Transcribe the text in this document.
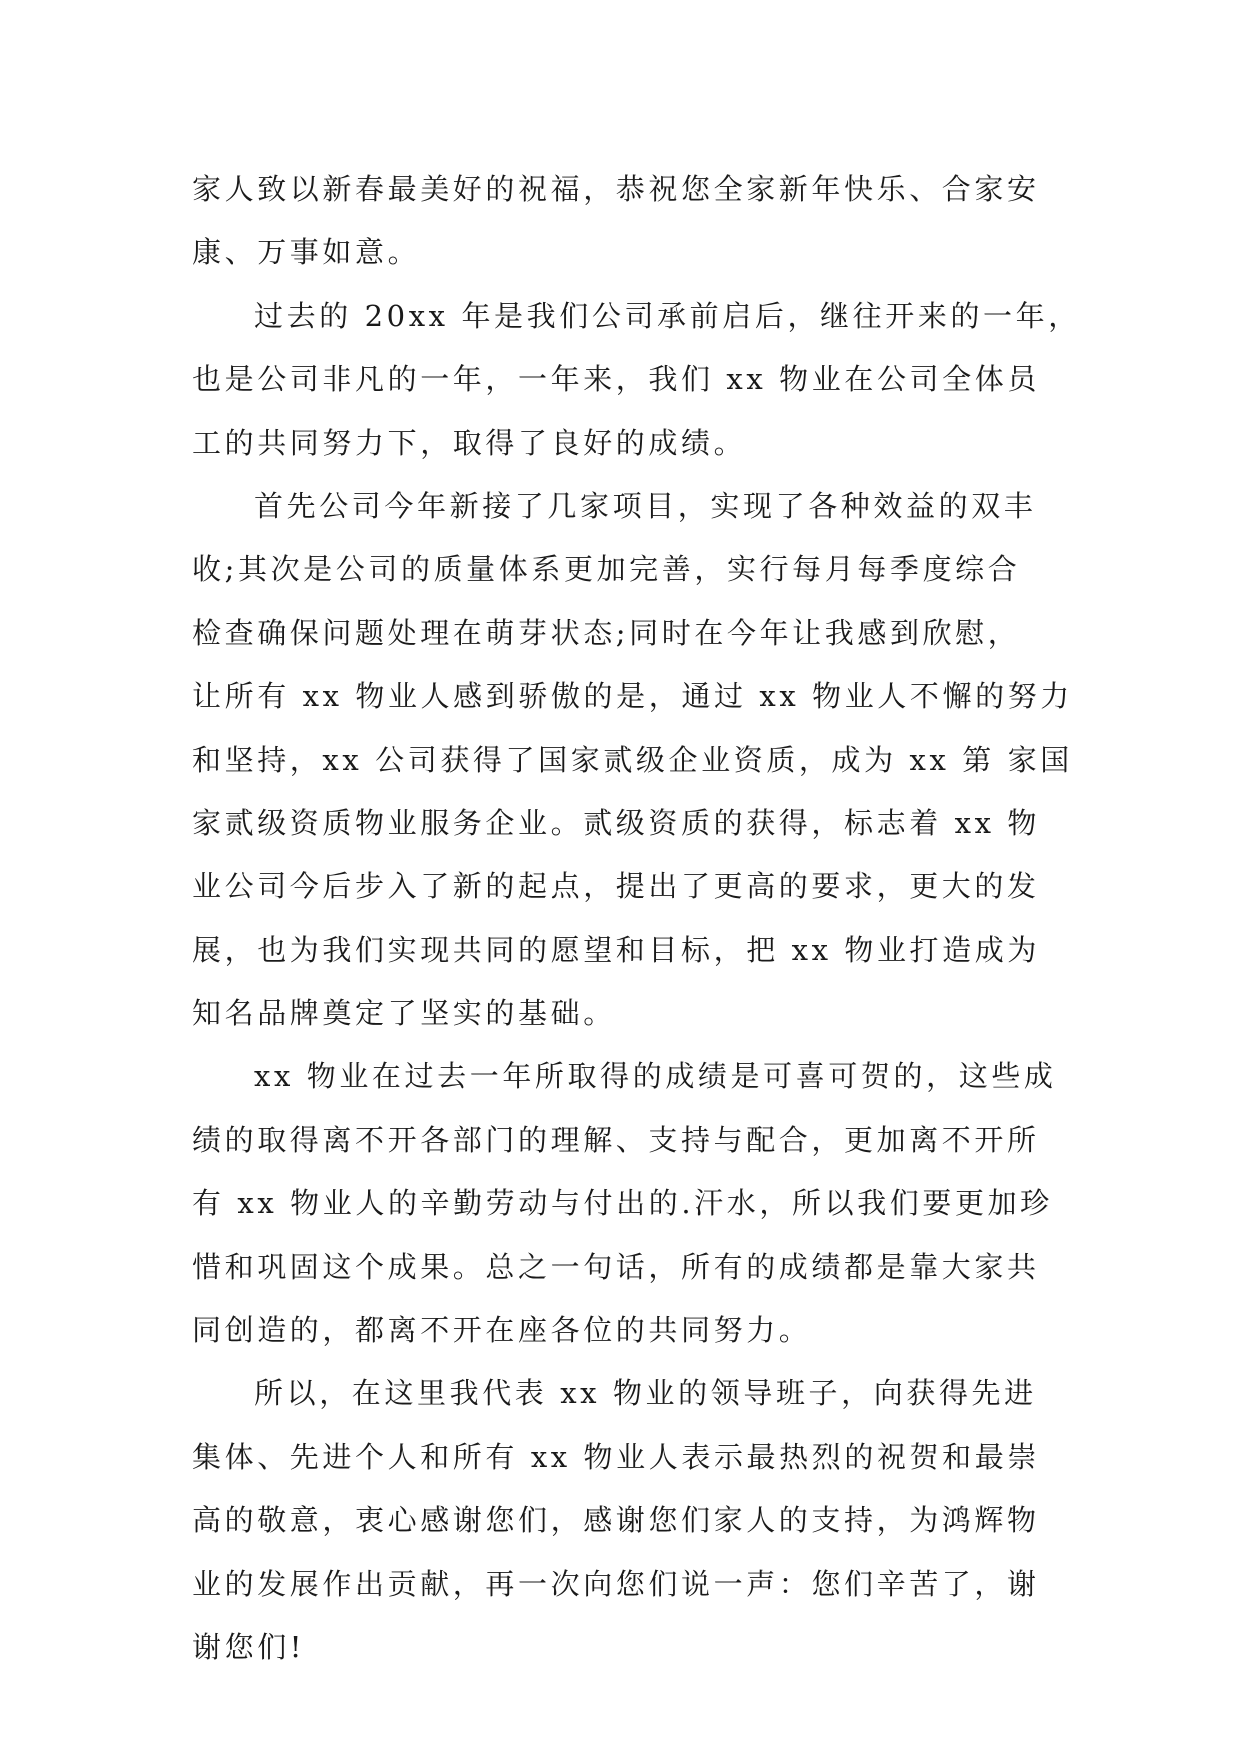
家人致以新春最美好的祝福，恭祝您全家新年快乐、合家安
康、万事如意。
过去的 20xx 年是我们公司承前启后，继往开来的一年，
也是公司非凡的一年，一年来，我们 xx 物业在公司全体员
工的共同努力下，取得了良好的成绩。
首先公司今年新接了几家项目，实现了各种效益的双丰
收;其次是公司的质量体系更加完善，实行每月每季度综合
检查确保问题处理在萌芽状态;同时在今年让我感到欣慰，
让所有 xx 物业人感到骄傲的是，通过 xx 物业人不懈的努力
和坚持，xx 公司获得了国家贰级企业资质，成为 xx 第 家国
家贰级资质物业服务企业。贰级资质的获得，标志着 xx 物
业公司今后步入了新的起点，提出了更高的要求，更大的发
展，也为我们实现共同的愿望和目标，把 xx 物业打造成为
知名品牌奠定了坚实的基础。
xx 物业在过去一年所取得的成绩是可喜可贺的，这些成
绩的取得离不开各部门的理解、支持与配合，更加离不开所
有 xx 物业人的辛勤劳动与付出的.汗水，所以我们要更加珍
惜和巩固这个成果。总之一句话，所有的成绩都是靠大家共
同创造的，都离不开在座各位的共同努力。
所以，在这里我代表 xx 物业的领导班子，向获得先进
集体、先进个人和所有 xx 物业人表示最热烈的祝贺和最崇
高的敬意，衷心感谢您们，感谢您们家人的支持，为鸿辉物
业的发展作出贡献，再一次向您们说一声：您们辛苦了，谢
谢您们!
